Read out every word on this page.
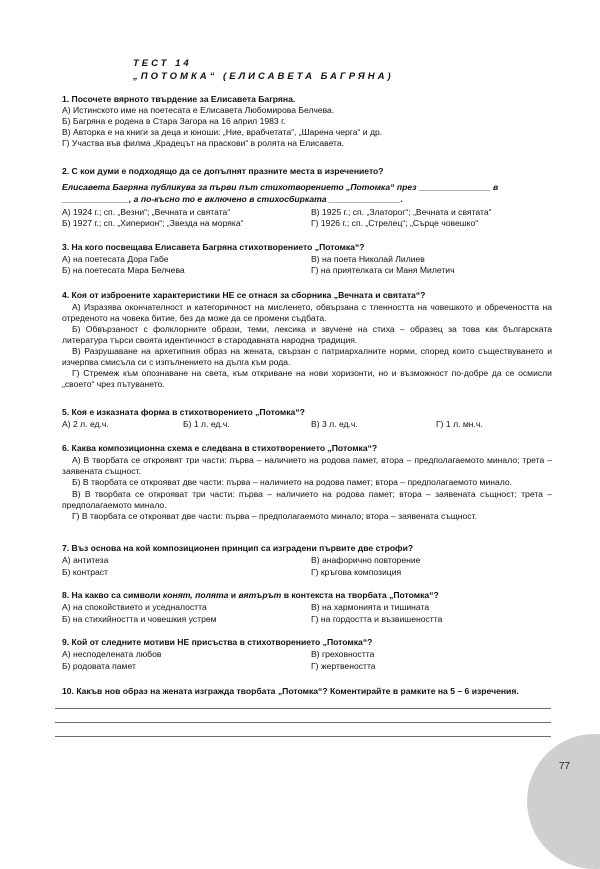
77
ТЕСТ 14
„ПОТОМКА“ (ЕЛИСАВЕТА БАГРЯНА)
1. Посочете вярното твърдение за Елисавета Багряна.
А) Истинското име на поетесата е Елисавета Любомирова Белчева.
Б) Багряна е родена в Стара Загора на 16 април 1983 г.
В) Авторка е на книги за деца и юноши: „Ние, врабчетата“, „Шарена черга“ и др.
Г) Участва във филма „Крадецът на праскови“ в ролята на Елисавета.
2. С кои думи е подходящо да се допълнят празните места в изречението?
Елисавета Багряна публикува за първи път стихотворението „Потомка“ през _______________ в
______________, а по-късно то е включено в стихосбирката _______________.
А) 1924 г.; сп. „Везни“; „Вечната и святата“	В) 1925 г.; сп. „Златорог“; „Вечната и святата“
Б) 1927 г.; сп. „Хиперион“; „Звезда на моряка“	Г) 1926 г.; сп. „Стрелец“; „Сърце човешко“
3. На кого посвещава Елисавета Багряна стихотворението „Потомка“?
А) на поетесата Дора Габе	В) на поета Николай Лилиев
Б) на поетесата Мара Белчева	Г) на приятелката си Маня Милетич
4. Коя от изброените характеристики НЕ се отнася за сборника „Вечната и святата“?
А) Изразява окончателност и категоричност на мисленето, обвързана с тленността на човешкото и обречеността на отреденото на човека битие, без да може да се промени съдбата.
Б) Обвързаност с фолклорните образи, теми, лексика и звучене на стиха – образец за това как българската литература търси своята идентичност в стародавната народна традиция.
В) Разрушаване на архетипния образ на жената, свързан с патриархалните норми, според които съществуването и изчерпва смисъла си с изпълнението на дълга към рода.
Г) Стремеж към опознаване на света, към откриване на нови хоризонти, но и възможност по-добре да се осмисли „своето“ чрез пътуването.
5. Коя е изказната форма в стихотворението „Потомка“?
А) 2 л. ед.ч.	Б) 1 л. ед.ч.	В) 3 л. ед.ч.	Г) 1 л. мн.ч.
6. Каква композиционна схема е следвана в стихотворението „Потомка“?
А) В творбата се откроявят три части: първа – наличието на родова памет, втора – предполагаемото минало; трета – заявената същност.
Б) В творбата се открояват две части: първа – наличието на родова памет; втора – предполагаемото минало.
В) В творбата се открояват три части: първа – наличието на родова памет; втора – заявената същност; трета – предполагаемото минало.
Г) В творбата се открояват две части: първа – предполагаемото минало; втора – заявената същност.
7. Въз основа на кой композиционен принцип са изградени първите две строфи?
А) антитеза	В) анафорично повторение
Б) контраст	Г) кръгова композиция
8. На какво са символи конят, полята и вятърът в контекста на творбата „Потомка“?
А) на спокойствието и уседналостта	В) на хармонията и тишината
Б) на стихийността и човешкия устрем	Г) на гордостта и възвишеността
9. Кой от следните мотиви НЕ присъства в стихотворението „Потомка“?
А) несподелената любов	В) греховността
Б) родовата памет	Г) жертвеността
10. Какъв нов образ на жената изгражда творбата „Потомка“? Коментирайте в рамките на 5 – 6 изречения.
